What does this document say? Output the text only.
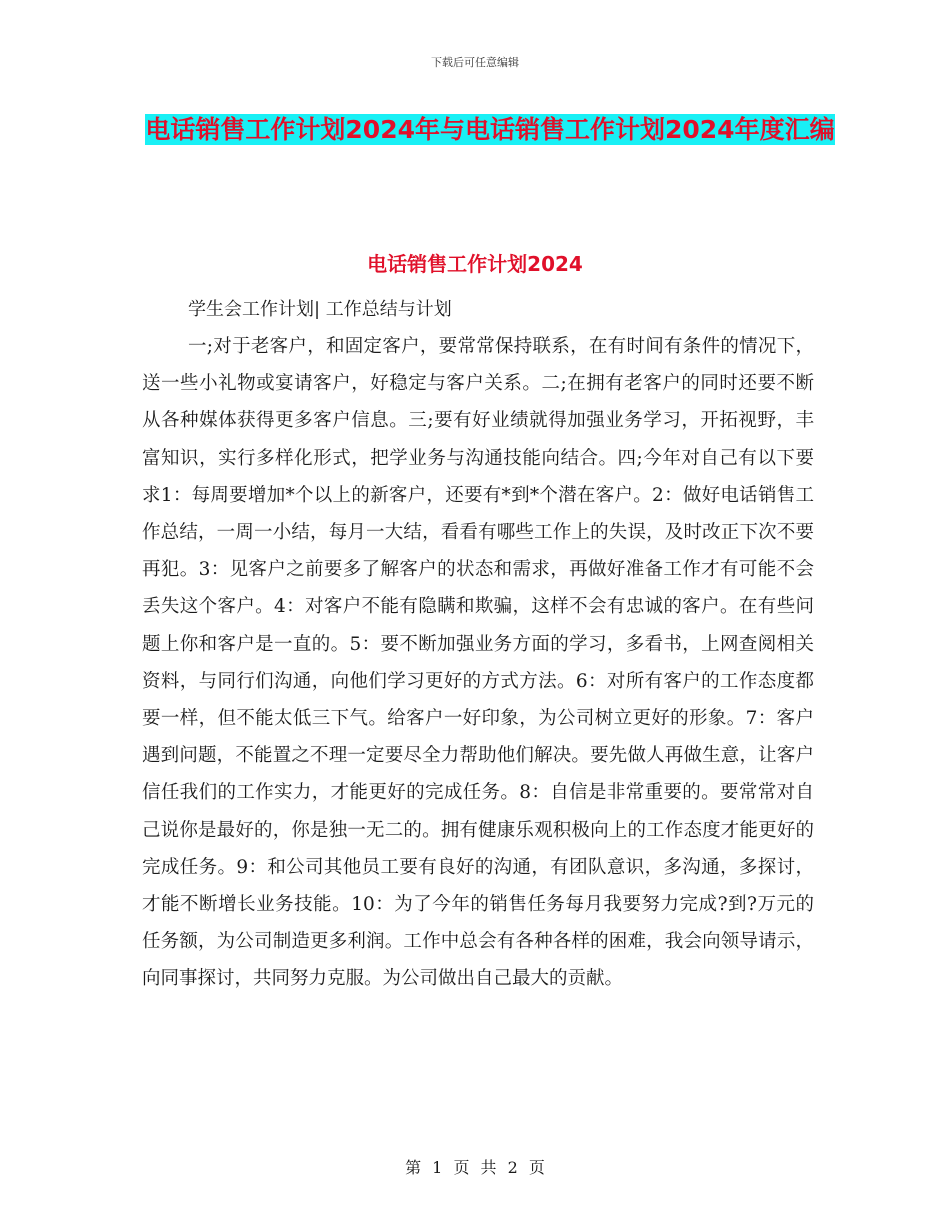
下载后可任意编辑
电话销售工作计划2024年与电话销售工作计划2024年度汇编
电话销售工作计划2024
学生会工作计划| 工作总结与计划

一;对于老客户，和固定客户，要常常保持联系，在有时间有条件的情况下，送一些小礼物或宴请客户，好稳定与客户关系。二;在拥有老客户的同时还要不断从各种媒体获得更多客户信息。三;要有好业绩就得加强业务学习，开拓视野，丰富知识，实行多样化形式，把学业务与沟通技能向结合。四;今年对自己有以下要求1：每周要增加*个以上的新客户，还要有*到*个潜在客户。2：做好电话销售工作总结，一周一小结，每月一大结，看看有哪些工作上的失误，及时改正下次不要再犯。3：见客户之前要多了解客户的状态和需求，再做好准备工作才有可能不会丢失这个客户。4：对客户不能有隐瞒和欺骗，这样不会有忠诚的客户。在有些问题上你和客户是一直的。5：要不断加强业务方面的学习，多看书，上网查阅相关资料，与同行们沟通，向他们学习更好的方式方法。6：对所有客户的工作态度都要一样，但不能太低三下气。给客户一好印象，为公司树立更好的形象。7：客户遇到问题，不能置之不理一定要尽全力帮助他们解决。要先做人再做生意，让客户信任我们的工作实力，才能更好的完成任务。8：自信是非常重要的。要常常对自己说你是最好的，你是独一无二的。拥有健康乐观积极向上的工作态度才能更好的完成任务。9：和公司其他员工要有良好的沟通，有团队意识，多沟通，多探讨，才能不断增长业务技能。10：为了今年的销售任务每月我要努力完成?到?万元的任务额，为公司制造更多利润。工作中总会有各种各样的困难，我会向领导请示，向同事探讨，共同努力克服。为公司做出自己最大的贡献。

第 1 页 共 2 页
